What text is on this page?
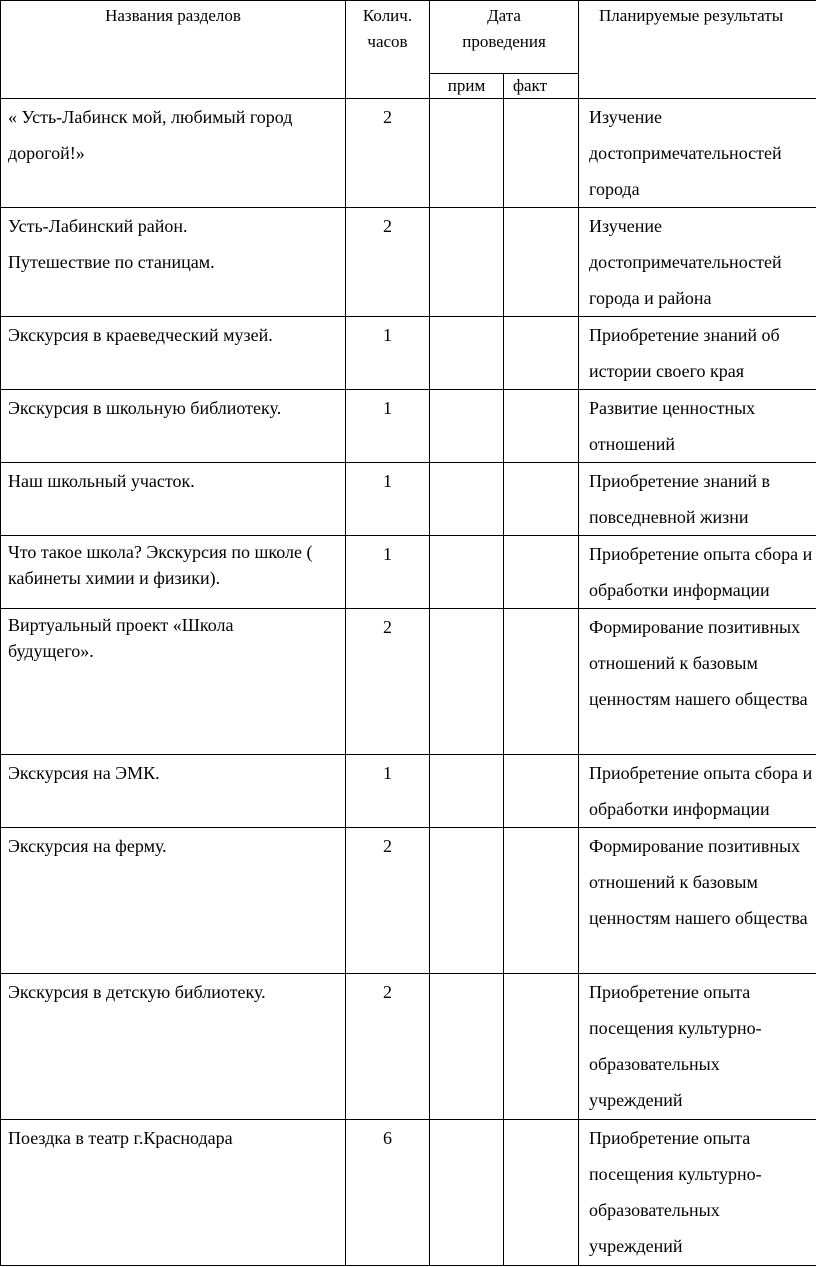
Названия разделов	Колич. часов	Дата проведения		Планируемые результаты
		прим	факт	

« Усть-Лабинск мой, любимый город дорогой!»	2			Изучение достопримечательностей города

Усть-Лабинский район. Путешествие по станицам.	2			Изучение достопримечательностей города и района

Экскурсия в краеведческий музей.	1			Приобретение знаний об истории своего края

Экскурсия в школьную библиотеку.	1			Развитие ценностных отношений

Наш школьный участок.	1			Приобретение знаний в повседневной жизни

Что такое школа? Экскурсия по школе ( кабинеты химии и физики).	1			Приобретение опыта сбора и обработки информации

Виртуальный проект «Школа будущего».	2			Формирование позитивных отношений к базовым ценностям нашего общества

Экскурсия на ЭМК.	1			Приобретение опыта сбора и обработки информации

Экскурсия на ферму.	2			Формирование позитивных отношений к базовым ценностям нашего общества

Экскурсия в детскую библиотеку.	2			Приобретение опыта посещения культурно-образовательных учреждений

Поездка в театр г.Краснодара	6			Приобретение опыта посещения культурно-образовательных учреждений
